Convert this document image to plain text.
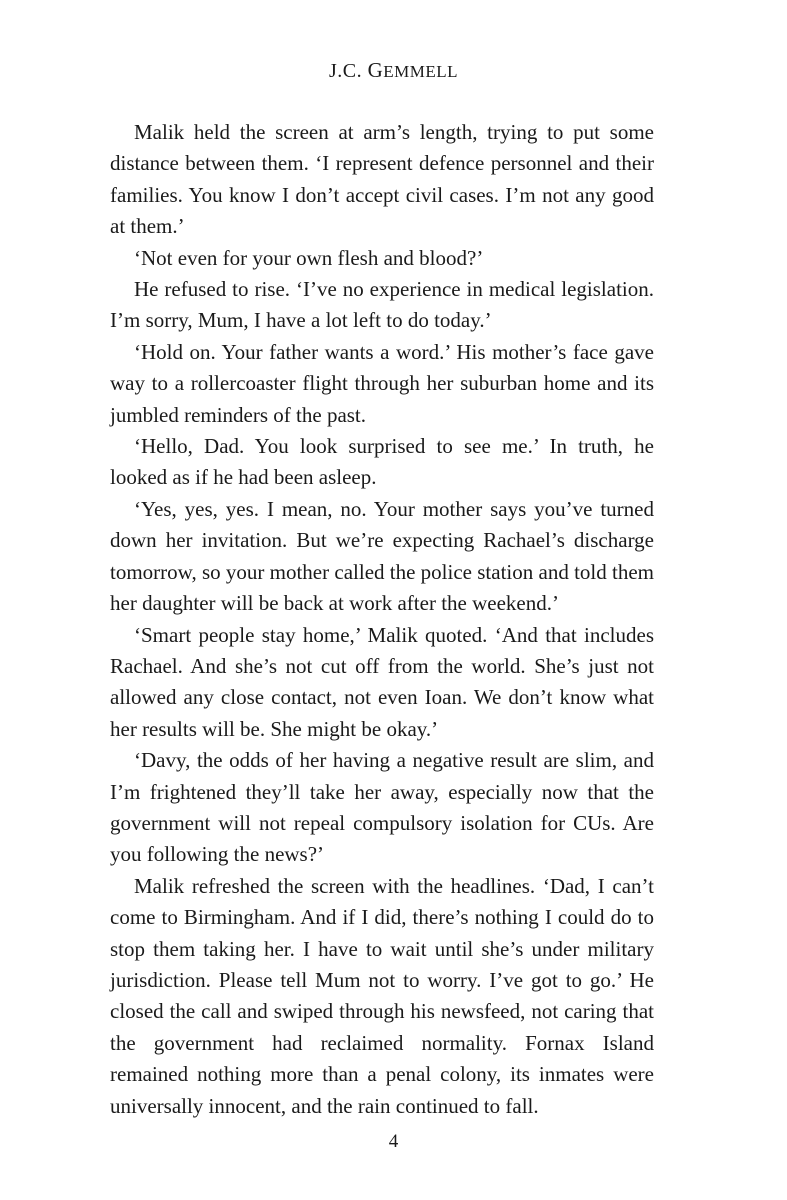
J.C. GEMMELL

Malik held the screen at arm’s length, trying to put some distance between them. ‘I represent defence personnel and their families. You know I don’t accept civil cases. I’m not any good at them.’

‘Not even for your own flesh and blood?’

He refused to rise. ‘I’ve no experience in medical legislation. I’m sorry, Mum, I have a lot left to do today.’

‘Hold on. Your father wants a word.’ His mother’s face gave way to a rollercoaster flight through her suburban home and its jumbled reminders of the past.

‘Hello, Dad. You look surprised to see me.’ In truth, he looked as if he had been asleep.

‘Yes, yes, yes. I mean, no. Your mother says you’ve turned down her invitation. But we’re expecting Rachael’s discharge tomorrow, so your mother called the police station and told them her daughter will be back at work after the weekend.’

‘Smart people stay home,’ Malik quoted. ‘And that includes Rachael. And she’s not cut off from the world. She’s just not allowed any close contact, not even Ioan. We don’t know what her results will be. She might be okay.’

‘Davy, the odds of her having a negative result are slim, and I’m frightened they’ll take her away, especially now that the government will not repeal compulsory isolation for CUs. Are you following the news?’

Malik refreshed the screen with the headlines. ‘Dad, I can’t come to Birmingham. And if I did, there’s nothing I could do to stop them taking her. I have to wait until she’s under military jurisdiction. Please tell Mum not to worry. I’ve got to go.’ He closed the call and swiped through his newsfeed, not caring that the government had reclaimed normality. Fornax Island remained nothing more than a penal colony, its inmates were universally innocent, and the rain continued to fall.

4
